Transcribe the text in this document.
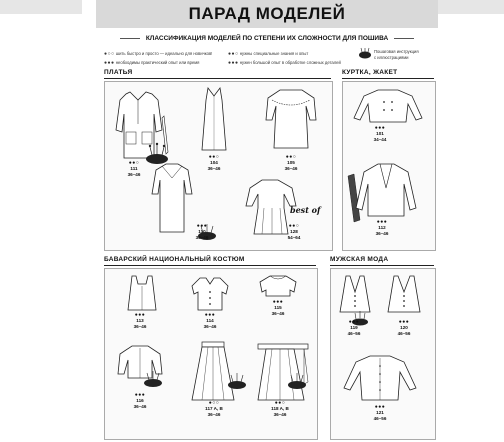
ПАРАД МОДЕЛЕЙ
КЛАССИФИКАЦИЯ МОДЕЛЕЙ ПО СТЕПЕНИ ИХ СЛОЖНОСТИ ДЛЯ ПОШИВА
●○○ шить быстро и просто — идеально для новичков!
●●● необходимы практический опыт или время
●●○ нужны специальные знания и опыт
●●● нужен большой опыт в обработке сложных деталей
Пошаговая инструкция
с иллюстрациями
ПЛАТЬЯ	КУРТКА, ЖАКЕТ
БАВАРСКИЙ НАЦИОНАЛЬНЫЙ КОСТЮМ	МУЖСКАЯ МОДА
●●○
111
36–46
●●○
104
36–46
●●○
105
36–46
●●●
110
36–46
best of
●●○
128
54–64
●●●
101
34–44
●●●
112
36–46
●●●
113
36–46
●●●
114
36–46
●●●
115
36–46
●●●
116
36–46
●○○
117 A, B
36–46
●●○
118 A, B
36–46
●●●
119
46–56
●●●
120
46–56
●●●
121
46–56
